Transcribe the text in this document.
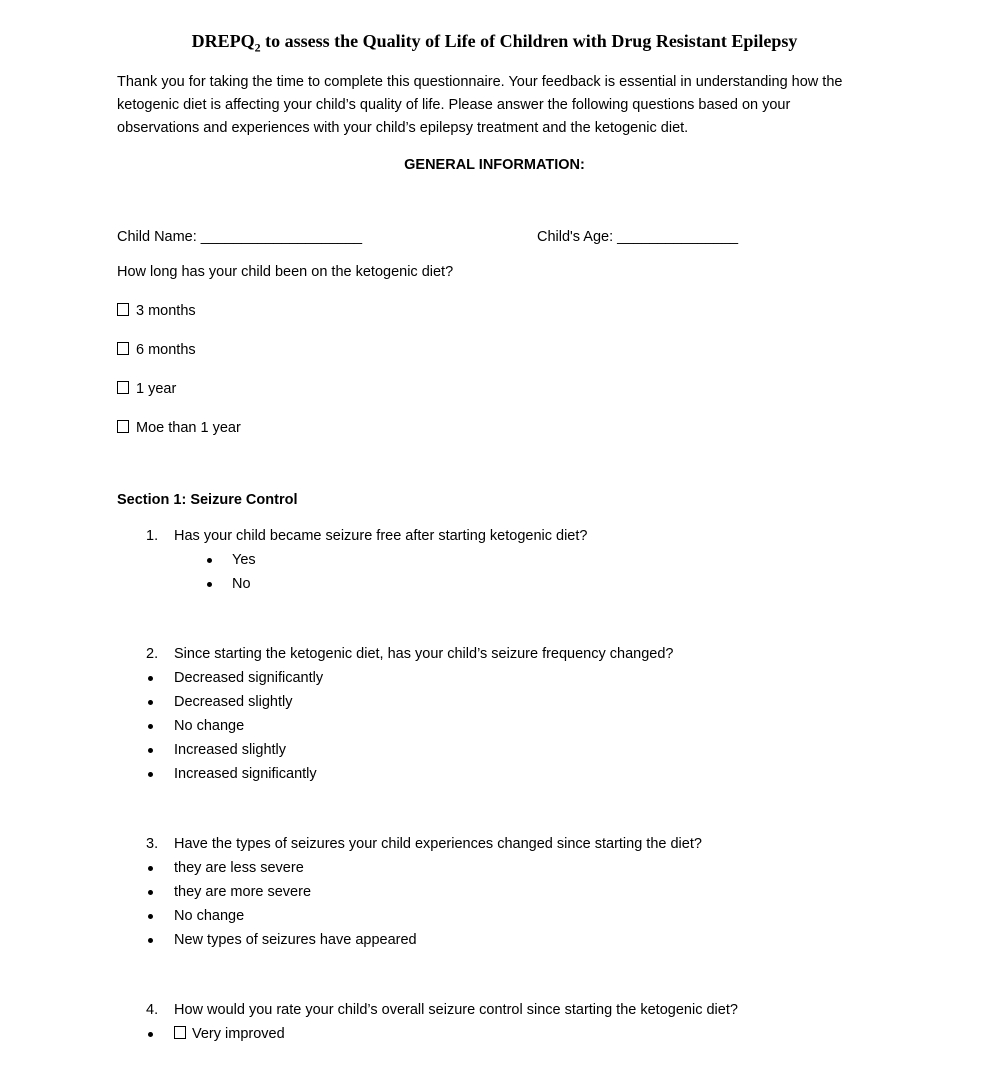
$DREPQ_2$ to assess the Quality of Life of Children with Drug Resistant Epilepsy

Thank you for taking the time to complete this questionnaire. Your feedback is essential in understanding how the ketogenic diet is affecting your child’s quality of life. Please answer the following questions based on your observations and experiences with your child’s epilepsy treatment and the ketogenic diet.

GENERAL INFORMATION:
Child Name: ____________________	Child's Age: _______________

How long has your child been on the ketogenic diet?

3 months
6 months
1 year
Moe than 1 year
Section 1: Seizure Control
1.	Has your child became seizure free after starting ketogenic diet?
Yes
No
2.	Since starting the ketogenic diet, has your child’s seizure frequency changed?
Decreased significantly
Decreased slightly
No change
Increased slightly
Increased significantly
3.	Have the types of seizures your child experiences changed since starting the diet?
they are less severe
they are more severe
No change
New types of seizures have appeared
4.	How would you rate your child’s overall seizure control since starting the ketogenic diet?
Very improved
